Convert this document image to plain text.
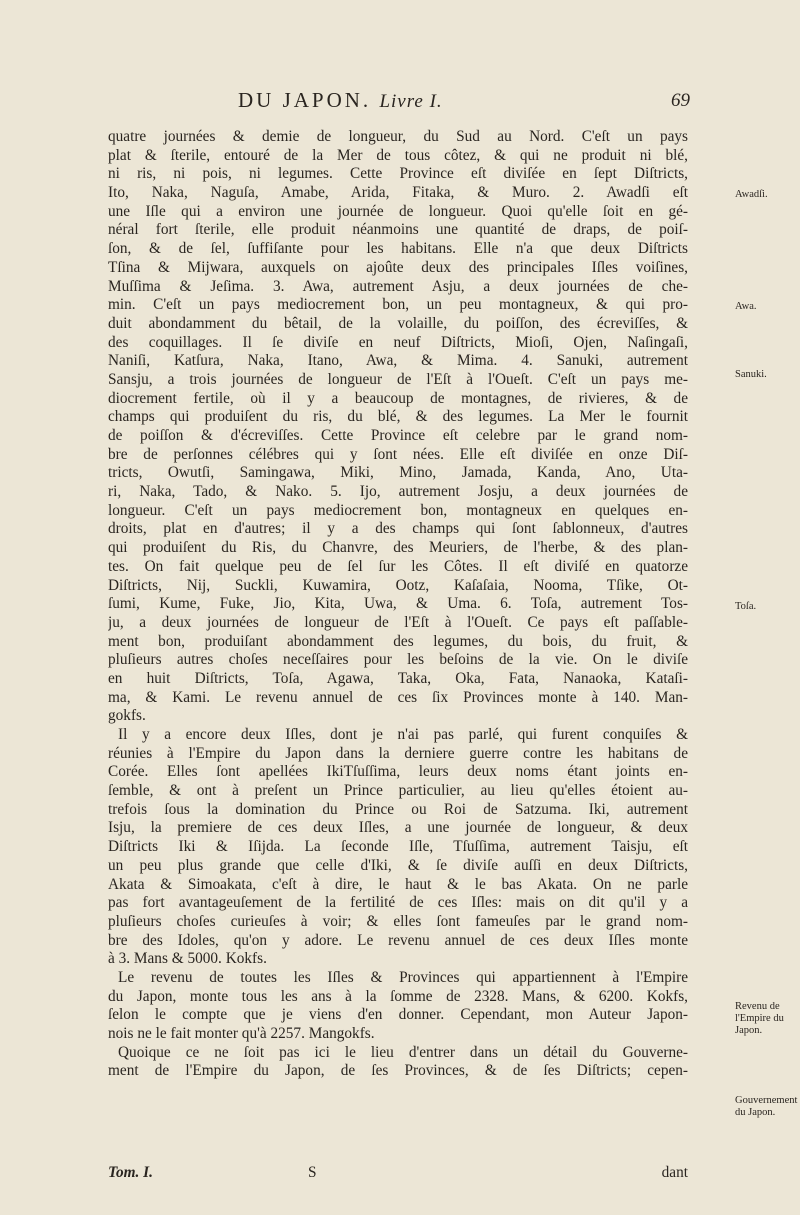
DU JAPON. Livre I.	69
quatre journées & demie de longueur, du Sud au Nord. C'eſt un pays
plat & ſterile, entouré de la Mer de tous côtez, & qui ne produit ni blé,
ni ris, ni pois, ni legumes. Cette Province eſt diviſée en ſept Diſtricts,
Ito, Naka, Naguſa, Amabe, Arida, Fitaka, & Muro. 2. Awadſi eſt
une Iſle qui a environ une journée de longueur. Quoi qu'elle ſoit en gé-
néral fort ſterile, elle produit néanmoins une quantité de draps, de poiſ-
ſon, & de ſel, ſuffiſante pour les habitans. Elle n'a que deux Diſtricts
Tſina & Mijwara, auxquels on ajoûte deux des principales Iſles voiſines,
Muſſima & Jeſima. 3. Awa, autrement Asju, a deux journées de che-
min. C'eſt un pays mediocrement bon, un peu montagneux, & qui pro-
duit abondamment du bêtail, de la volaille, du poiſſon, des écreviſſes, &
des coquillages. Il ſe diviſe en neuf Diſtricts, Mioſi, Ojen, Naſingaſi,
Naniſi, Katſura, Naka, Itano, Awa, & Mima. 4. Sanuki, autrement
Sansju, a trois journées de longueur de l'Eſt à l'Oueſt. C'eſt un pays me-
diocrement fertile, où il y a beaucoup de montagnes, de rivieres, & de
champs qui produiſent du ris, du blé, & des legumes. La Mer le fournit
de poiſſon & d'écreviſſes. Cette Province eſt celebre par le grand nom-
bre de perſonnes célébres qui y ſont nées. Elle eſt diviſée en onze Diſ-
tricts, Owutſi, Samingawa, Miki, Mino, Jamada, Kanda, Ano, Uta-
ri, Naka, Tado, & Nako. 5. Ijo, autrement Josju, a deux journées de
longueur. C'eſt un pays mediocrement bon, montagneux en quelques en-
droits, plat en d'autres; il y a des champs qui ſont ſablonneux, d'autres
qui produiſent du Ris, du Chanvre, des Meuriers, de l'herbe, & des plan-
tes. On fait quelque peu de ſel ſur les Côtes. Il eſt diviſé en quatorze
Diſtricts, Nij, Suckli, Kuwamira, Ootz, Kaſaſaia, Nooma, Tſike, Ot-
ſumi, Kume, Fuke, Jio, Kita, Uwa, & Uma. 6. Toſa, autrement Tos-
ju, a deux journées de longueur de l'Eſt à l'Oueſt. Ce pays eſt paſſable-
ment bon, produiſant abondamment des legumes, du bois, du fruit, &
pluſieurs autres choſes neceſſaires pour les beſoins de la vie. On le diviſe
en huit Diſtricts, Toſa, Agawa, Taka, Oka, Fata, Nanaoka, Kataſi-
ma, & Kami. Le revenu annuel de ces ſix Provinces monte à 140. Man-
gokfs.
Il y a encore deux Iſles, dont je n'ai pas parlé, qui furent conquiſes &
réunies à l'Empire du Japon dans la derniere guerre contre les habitans de
Corée. Elles ſont apellées IkiTſuſſima, leurs deux noms étant joints en-
ſemble, & ont à preſent un Prince particulier, au lieu qu'elles étoient au-
trefois ſous la domination du Prince ou Roi de Satzuma. Iki, autrement
Isju, la premiere de ces deux Iſles, a une journée de longueur, & deux
Diſtricts Iki & Iſijda. La ſeconde Iſle, Tſuſſima, autrement Taisju, eſt
un peu plus grande que celle d'Iki, & ſe diviſe auſſi en deux Diſtricts,
Akata & Simoakata, c'eſt à dire, le haut & le bas Akata. On ne parle
pas fort avantageuſement de la fertilité de ces Iſles: mais on dit qu'il y a
pluſieurs choſes curieuſes à voir; & elles ſont fameuſes par le grand nom-
bre des Idoles, qu'on y adore. Le revenu annuel de ces deux Iſles monte
à 3. Mans & 5000. Kokfs.
Le revenu de toutes les Iſles & Provinces qui appartiennent à l'Empire
du Japon, monte tous les ans à la ſomme de 2328. Mans, & 6200. Kokfs,
ſelon le compte que je viens d'en donner. Cependant, mon Auteur Japon-
nois ne le fait monter qu'à 2257. Mangokfs.
Quoique ce ne ſoit pas ici le lieu d'entrer dans un détail du Gouverne-
ment de l'Empire du Japon, de ſes Provinces, & de ſes Diſtricts; cepen-
Awadſi.
Awa.
Sanuki.
Toſa.
Revenu de l'Empire du Japon.
Gouvernement du Japon.
Tom. I.	S	dant
